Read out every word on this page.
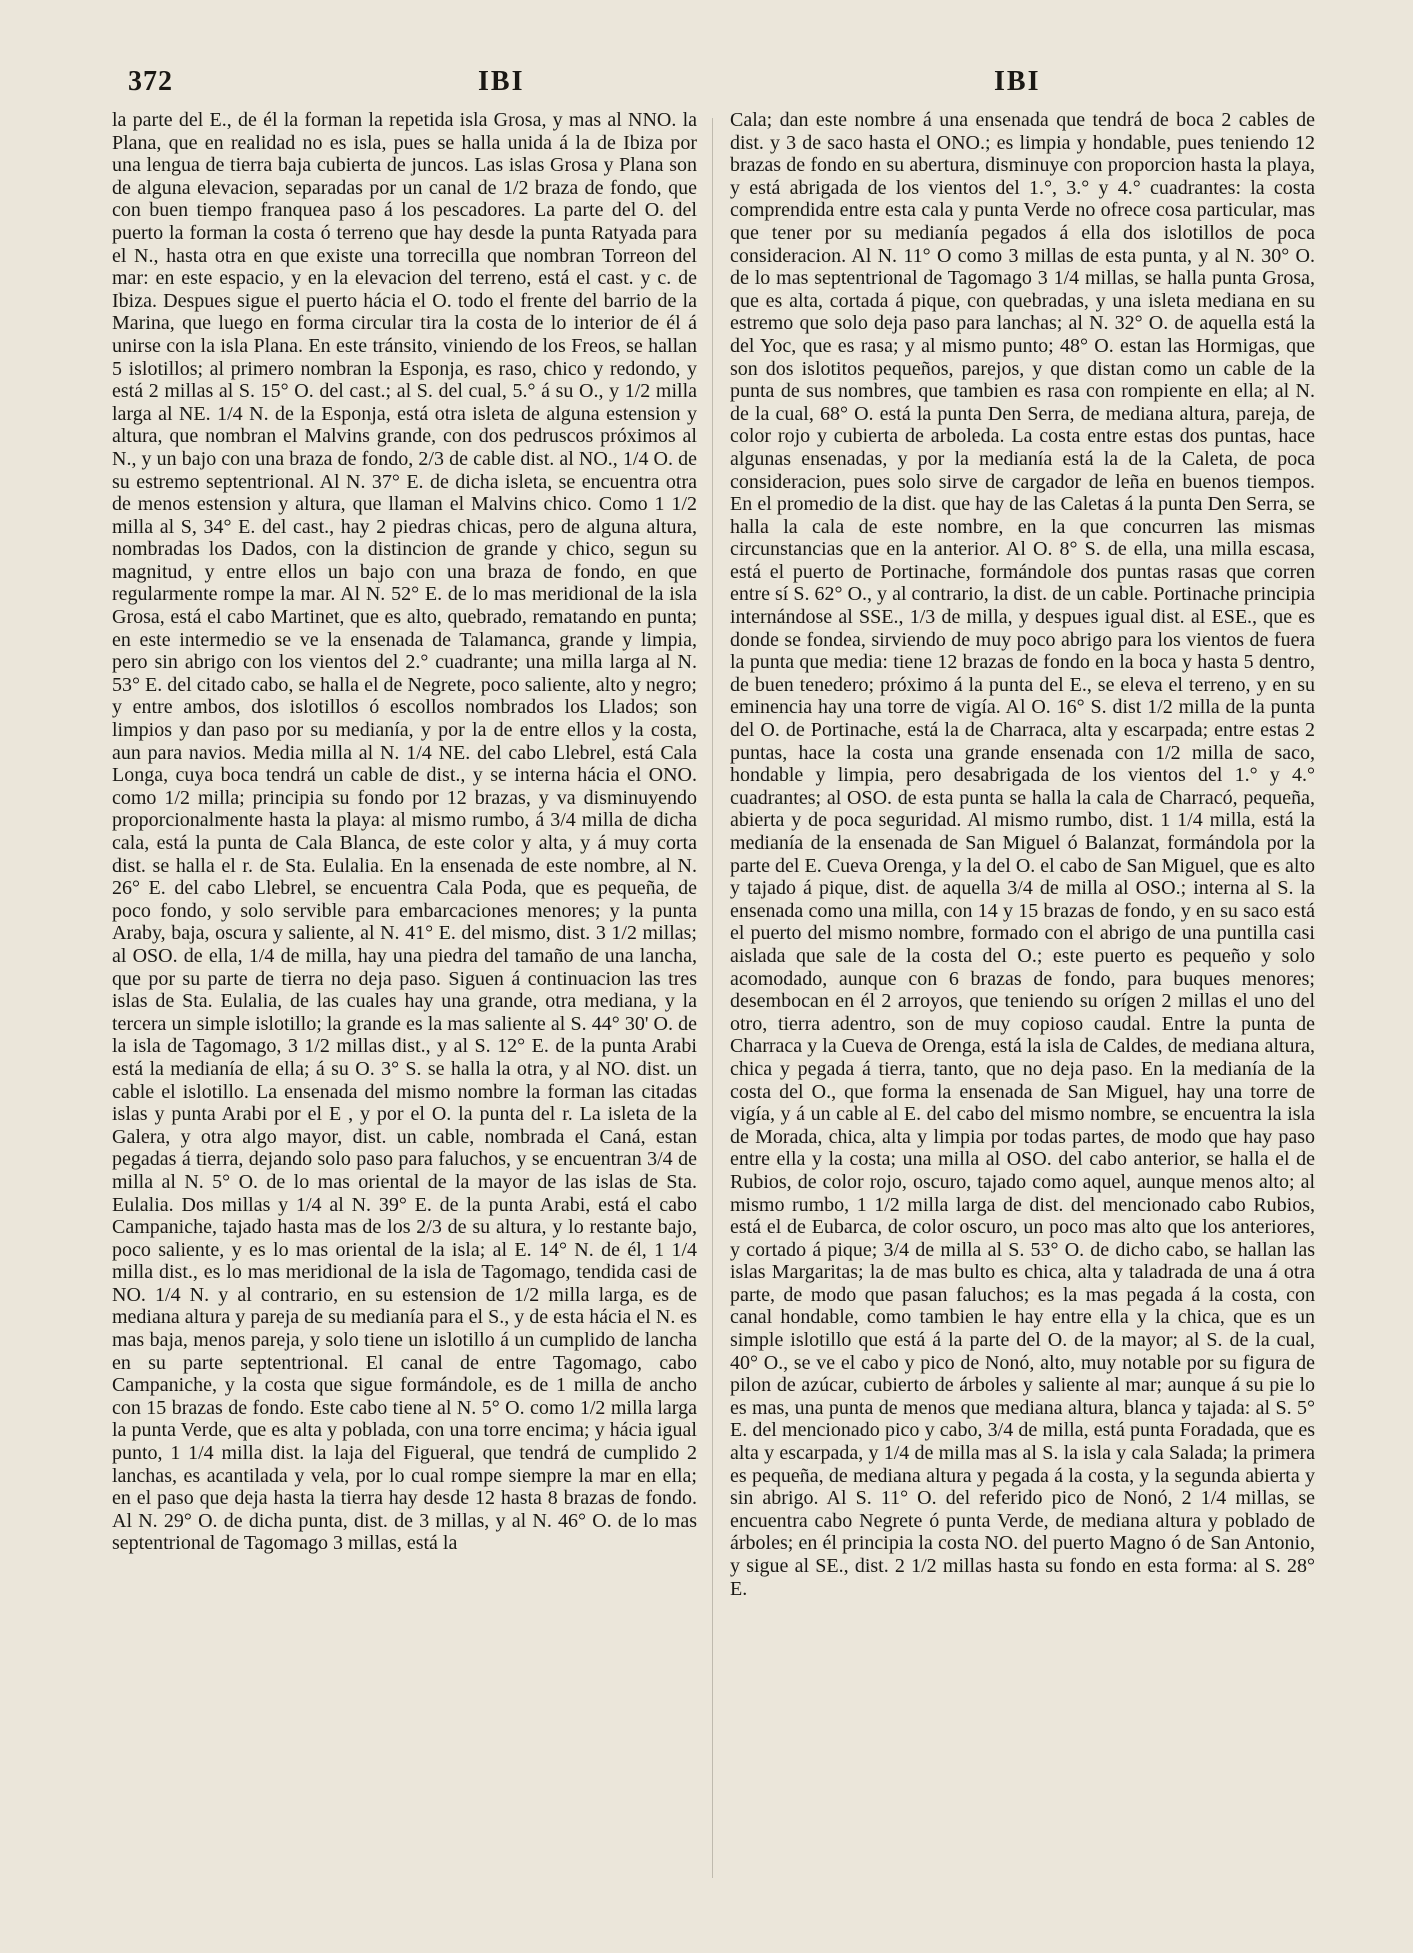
372	IBI	IBI

la parte del E., de él la forman la repetida isla Grosa, y mas al NNO. la Plana, que en realidad no es isla, pues se halla unida á la de Ibiza por una lengua de tierra baja cubierta de juncos. Las islas Grosa y Plana son de alguna elevacion, separadas por un canal de 1/2 braza de fondo, que con buen tiempo franquea paso á los pescadores. La parte del O. del puerto la forman la costa ó terreno que hay desde la punta Ratyada para el N., hasta otra en que existe una torrecilla que nombran Torreon del mar: en este espacio, y en la elevacion del terreno, está el cast. y c. de Ibiza. Despues sigue el puerto hácia el O. todo el frente del barrio de la Marina, que luego en forma circular tira la costa de lo interior de él á unirse con la isla Plana. En este tránsito, viniendo de los Freos, se hallan 5 islotillos; al primero nombran la Esponja, es raso, chico y redondo, y está 2 millas al S. 15° O. del cast.; al S. del cual, 5.° á su O., y 1/2 milla larga al NE. 1/4 N. de la Esponja, está otra isleta de alguna estension y altura, que nombran el Malvins grande, con dos pedruscos próximos al N., y un bajo con una braza de fondo, 2/3 de cable dist. al NO., 1/4 O. de su estremo septentrional. Al N. 37° E. de dicha isleta, se encuentra otra de menos estension y altura, que llaman el Malvins chico. Como 1 1/2 milla al S, 34° E. del cast., hay 2 piedras chicas, pero de alguna altura, nombradas los Dados, con la distincion de grande y chico, segun su magnitud, y entre ellos un bajo con una braza de fondo, en que regularmente rompe la mar. Al N. 52° E. de lo mas meridional de la isla Grosa, está el cabo Martinet, que es alto, quebrado, rematando en punta; en este intermedio se ve la ensenada de Talamanca, grande y limpia, pero sin abrigo con los vientos del 2.° cuadrante; una milla larga al N. 53° E. del citado cabo, se halla el de Negrete, poco saliente, alto y negro; y entre ambos, dos islotillos ó escollos nombrados los Llados; son limpios y dan paso por su medianía, y por la de entre ellos y la costa, aun para navios. Media milla al N. 1/4 NE. del cabo Llebrel, está Cala Longa, cuya boca tendrá un cable de dist., y se interna hácia el ONO. como 1/2 milla; principia su fondo por 12 brazas, y va disminuyendo proporcionalmente hasta la playa: al mismo rumbo, á 3/4 milla de dicha cala, está la punta de Cala Blanca, de este color y alta, y á muy corta dist. se halla el r. de Sta. Eulalia. En la ensenada de este nombre, al N. 26° E. del cabo Llebrel, se encuentra Cala Poda, que es pequeña, de poco fondo, y solo servible para embarcaciones menores; y la punta Araby, baja, oscura y saliente, al N. 41° E. del mismo, dist. 3 1/2 millas; al OSO. de ella, 1/4 de milla, hay una piedra del tamaño de una lancha, que por su parte de tierra no deja paso. Siguen á continuacion las tres islas de Sta. Eulalia, de las cuales hay una grande, otra mediana, y la tercera un simple islotillo; la grande es la mas saliente al S. 44° 30' O. de la isla de Tagomago, 3 1/2 millas dist., y al S. 12° E. de la punta Arabi está la medianía de ella; á su O. 3° S. se halla la otra, y al NO. dist. un cable el islotillo. La ensenada del mismo nombre la forman las citadas islas y punta Arabi por el E , y por el O. la punta del r. La isleta de la Galera, y otra algo mayor, dist. un cable, nombrada el Caná, estan pegadas á tierra, dejando solo paso para faluchos, y se encuentran 3/4 de milla al N. 5° O. de lo mas oriental de la mayor de las islas de Sta. Eulalia. Dos millas y 1/4 al N. 39° E. de la punta Arabi, está el cabo Campaniche, tajado hasta mas de los 2/3 de su altura, y lo restante bajo, poco saliente, y es lo mas oriental de la isla; al E. 14° N. de él, 1 1/4 milla dist., es lo mas meridional de la isla de Tagomago, tendida casi de NO. 1/4 N. y al contrario, en su estension de 1/2 milla larga, es de mediana altura y pareja de su medianía para el S., y de esta hácia el N. es mas baja, menos pareja, y solo tiene un islotillo á un cumplido de lancha en su parte septentrional. El canal de entre Tagomago, cabo Campaniche, y la costa que sigue formándole, es de 1 milla de ancho con 15 brazas de fondo. Este cabo tiene al N. 5° O. como 1/2 milla larga la punta Verde, que es alta y poblada, con una torre encima; y hácia igual punto, 1 1/4 milla dist. la laja del Figueral, que tendrá de cumplido 2 lanchas, es acantilada y vela, por lo cual rompe siempre la mar en ella; en el paso que deja hasta la tierra hay desde 12 hasta 8 brazas de fondo. Al N. 29° O. de dicha punta, dist. de 3 millas, y al N. 46° O. de lo mas septentrional de Tagomago 3 millas, está la

Cala; dan este nombre á una ensenada que tendrá de boca 2 cables de dist. y 3 de saco hasta el ONO.; es limpia y hondable, pues teniendo 12 brazas de fondo en su abertura, disminuye con proporcion hasta la playa, y está abrigada de los vientos del 1.°, 3.° y 4.° cuadrantes: la costa comprendida entre esta cala y punta Verde no ofrece cosa particular, mas que tener por su medianía pegados á ella dos islotillos de poca consideracion. Al N. 11° O como 3 millas de esta punta, y al N. 30° O. de lo mas septentrional de Tagomago 3 1/4 millas, se halla punta Grosa, que es alta, cortada á pique, con quebradas, y una isleta mediana en su estremo que solo deja paso para lanchas; al N. 32° O. de aquella está la del Yoc, que es rasa; y al mismo punto; 48° O. estan las Hormigas, que son dos islotitos pequeños, parejos, y que distan como un cable de la punta de sus nombres, que tambien es rasa con rompiente en ella; al N. de la cual, 68° O. está la punta Den Serra, de mediana altura, pareja, de color rojo y cubierta de arboleda. La costa entre estas dos puntas, hace algunas ensenadas, y por la medianía está la de la Caleta, de poca consideracion, pues solo sirve de cargador de leña en buenos tiempos. En el promedio de la dist. que hay de las Caletas á la punta Den Serra, se halla la cala de este nombre, en la que concurren las mismas circunstancias que en la anterior. Al O. 8° S. de ella, una milla escasa, está el puerto de Portinache, formándole dos puntas rasas que corren entre sí S. 62° O., y al contrario, la dist. de un cable. Portinache principia internándose al SSE., 1/3 de milla, y despues igual dist. al ESE., que es donde se fondea, sirviendo de muy poco abrigo para los vientos de fuera la punta que media: tiene 12 brazas de fondo en la boca y hasta 5 dentro, de buen tenedero; próximo á la punta del E., se eleva el terreno, y en su eminencia hay una torre de vigía. Al O. 16° S. dist 1/2 milla de la punta del O. de Portinache, está la de Charraca, alta y escarpada; entre estas 2 puntas, hace la costa una grande ensenada con 1/2 milla de saco, hondable y limpia, pero desabrigada de los vientos del 1.° y 4.° cuadrantes; al OSO. de esta punta se halla la cala de Charracó, pequeña, abierta y de poca seguridad. Al mismo rumbo, dist. 1 1/4 milla, está la medianía de la ensenada de San Miguel ó Balanzat, formándola por la parte del E. Cueva Orenga, y la del O. el cabo de San Miguel, que es alto y tajado á pique, dist. de aquella 3/4 de milla al OSO.; interna al S. la ensenada como una milla, con 14 y 15 brazas de fondo, y en su saco está el puerto del mismo nombre, formado con el abrigo de una puntilla casi aislada que sale de la costa del O.; este puerto es pequeño y solo acomodado, aunque con 6 brazas de fondo, para buques menores; desembocan en él 2 arroyos, que teniendo su orígen 2 millas el uno del otro, tierra adentro, son de muy copioso caudal. Entre la punta de Charraca y la Cueva de Orenga, está la isla de Caldes, de mediana altura, chica y pegada á tierra, tanto, que no deja paso. En la medianía de la costa del O., que forma la ensenada de San Miguel, hay una torre de vigía, y á un cable al E. del cabo del mismo nombre, se encuentra la isla de Morada, chica, alta y limpia por todas partes, de modo que hay paso entre ella y la costa; una milla al OSO. del cabo anterior, se halla el de Rubios, de color rojo, oscuro, tajado como aquel, aunque menos alto; al mismo rumbo, 1 1/2 milla larga de dist. del mencionado cabo Rubios, está el de Eubarca, de color oscuro, un poco mas alto que los anteriores, y cortado á pique; 3/4 de milla al S. 53° O. de dicho cabo, se hallan las islas Margaritas; la de mas bulto es chica, alta y taladrada de una á otra parte, de modo que pasan faluchos; es la mas pegada á la costa, con canal hondable, como tambien le hay entre ella y la chica, que es un simple islotillo que está á la parte del O. de la mayor; al S. de la cual, 40° O., se ve el cabo y pico de Nonó, alto, muy notable por su figura de pilon de azúcar, cubierto de árboles y saliente al mar; aunque á su pie lo es mas, una punta de menos que mediana altura, blanca y tajada: al S. 5° E. del mencionado pico y cabo, 3/4 de milla, está punta Foradada, que es alta y escarpada, y 1/4 de milla mas al S. la isla y cala Salada; la primera es pequeña, de mediana altura y pegada á la costa, y la segunda abierta y sin abrigo. Al S. 11° O. del referido pico de Nonó, 2 1/4 millas, se encuentra cabo Negrete ó punta Verde, de mediana altura y poblado de árboles; en él principia la costa NO. del puerto Magno ó de San Antonio, y sigue al SE., dist. 2 1/2 millas hasta su fondo en esta forma: al S. 28° E.
